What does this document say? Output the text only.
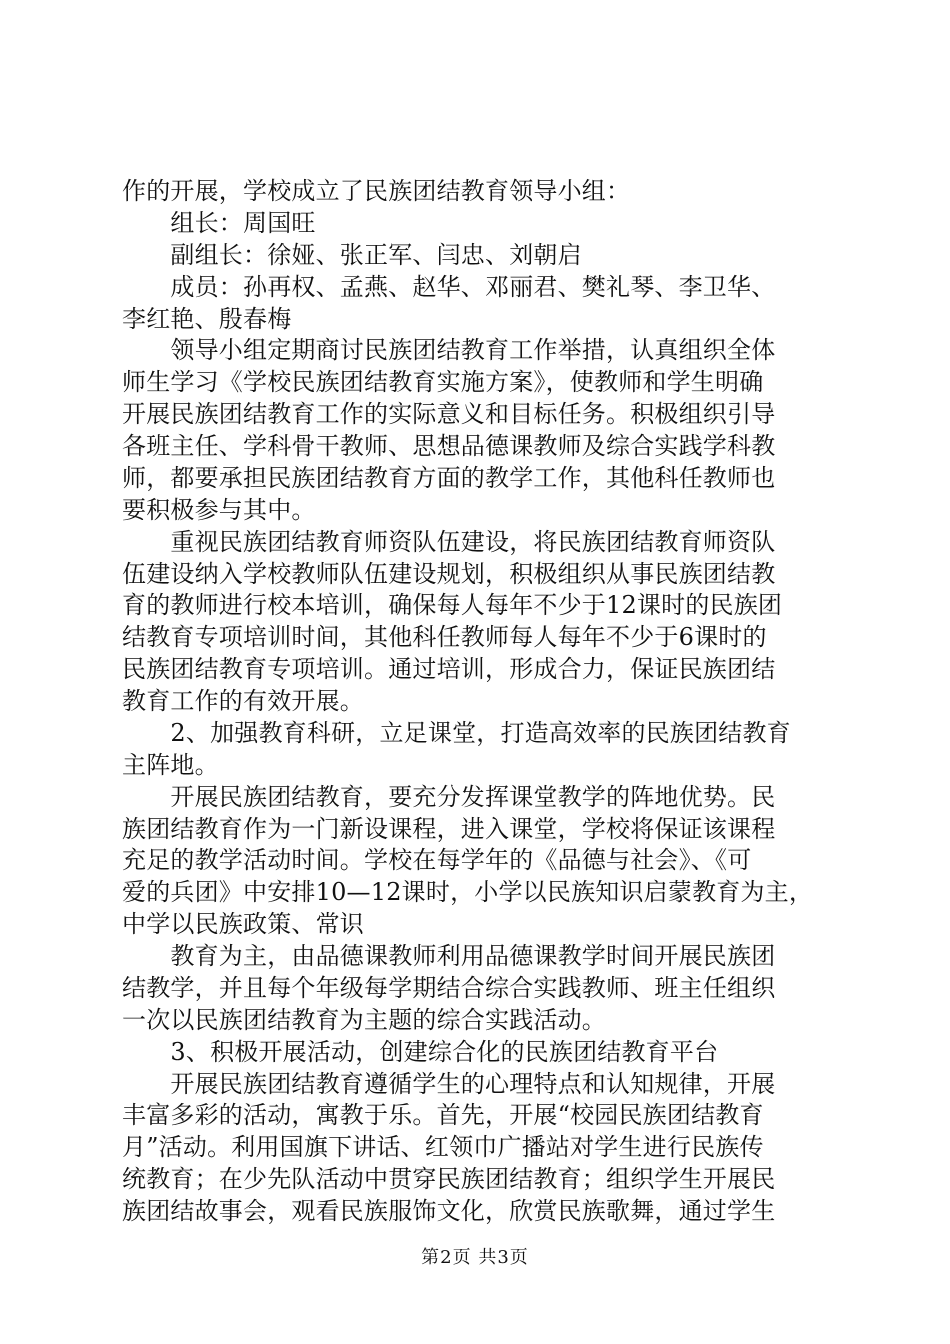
作的开展，学校成立了民族团结教育领导小组：
　　组长：周国旺
　　副组长：徐娅、张正军、闫忠、刘朝启
　　成员：孙再权、孟燕、赵华、邓丽君、樊礼琴、李卫华、
李红艳、殷春梅
　　领导小组定期商讨民族团结教育工作举措，认真组织全体
师生学习《学校民族团结教育实施方案》，使教师和学生明确
开展民族团结教育工作的实际意义和目标任务。积极组织引导
各班主任、学科骨干教师、思想品德课教师及综合实践学科教
师，都要承担民族团结教育方面的教学工作，其他科任教师也
要积极参与其中。
　　重视民族团结教育师资队伍建设，将民族团结教育师资队
伍建设纳入学校教师队伍建设规划，积极组织从事民族团结教
育的教师进行校本培训，确保每人每年不少于12课时的民族团
结教育专项培训时间，其他科任教师每人每年不少于6课时的
民族团结教育专项培训。通过培训，形成合力，保证民族团结
教育工作的有效开展。
　　2、加强教育科研，立足课堂，打造高效率的民族团结教育
主阵地。
　　开展民族团结教育，要充分发挥课堂教学的阵地优势。民
族团结教育作为一门新设课程，进入课堂，学校将保证该课程
充足的教学活动时间。学校在每学年的《品德与社会》、《可
爱的兵团》中安排10—12课时，小学以民族知识启蒙教育为主，
中学以民族政策、常识
　　教育为主，由品德课教师利用品德课教学时间开展民族团
结教学，并且每个年级每学期结合综合实践教师、班主任组织
一次以民族团结教育为主题的综合实践活动。
　　3、积极开展活动，创建综合化的民族团结教育平台
　　开展民族团结教育遵循学生的心理特点和认知规律，开展
丰富多彩的活动，寓教于乐。首先，开展“校园民族团结教育
月”活动。利用国旗下讲话、红领巾广播站对学生进行民族传
统教育；在少先队活动中贯穿民族团结教育；组织学生开展民
族团结故事会，观看民族服饰文化，欣赏民族歌舞，通过学生
第2页 共3页
